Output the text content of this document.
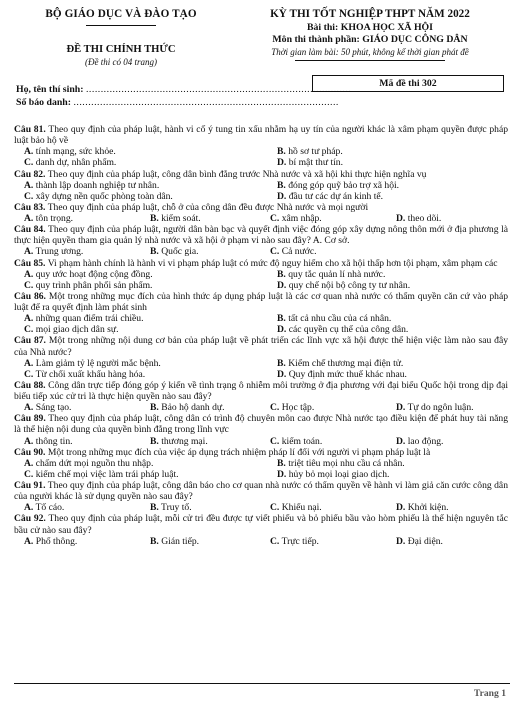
BỘ GIÁO DỤC VÀ ĐÀO TẠO
ĐỀ THI CHÍNH THỨC
(Đề thi có 04 trang)
KỲ THI TỐT NGHIỆP THPT NĂM 2022
Bài thi: KHOA HỌC XÃ HỘI
Môn thi thành phần: GIÁO DỤC CÔNG DÂN
Thời gian làm bài: 50 phút, không kể thời gian phát đề
Mã đề thi 302
Họ, tên thí sinh: ..........................................................................................
Số báo danh: ..........................................................................................
Câu 81. Theo quy định của pháp luật, hành vi cố ý tung tin xấu nhằm hạ uy tín của người khác là xâm phạm quyền được pháp luật bảo hộ về
A. tính mạng, sức khỏe.	B. hồ sơ tư pháp.
C. danh dự, nhân phẩm.	D. bí mật thư tín.
Câu 82. Theo quy định của pháp luật, công dân bình đẳng trước Nhà nước và xã hội khi thực hiện nghĩa vụ
A. thành lập doanh nghiệp tư nhân.	B. đóng góp quỹ bảo trợ xã hội.
C. xây dựng nền quốc phòng toàn dân.	D. đầu tư các dự án kinh tế.
Câu 83. Theo quy định của pháp luật, chỗ ở của công dân đều được Nhà nước và mọi người
A. tôn trọng.	B. kiểm soát.	C. xâm nhập.	D. theo dõi.
Câu 84. Theo quy định của pháp luật, người dân bàn bạc và quyết định việc đóng góp xây dựng nông thôn mới ở địa phương là thực hiện quyền tham gia quản lý nhà nước và xã hội ở phạm vi nào sau đây? A. Cơ sở.
A. Trung ương.	B. Quốc gia.	C. Cả nước.
Câu 85. Vi phạm hành chính là hành vi vi phạm pháp luật có mức độ nguy hiểm cho xã hội thấp hơn tội phạm, xâm phạm các
A. quy ước hoạt động cộng đồng.	B. quy tắc quản lí nhà nước.
C. quy trình phân phối sản phẩm.	D. quy chế nội bộ công ty tư nhân.
Câu 86. Một trong những mục đích của hình thức áp dụng pháp luật là các cơ quan nhà nước có thẩm quyền căn cứ vào pháp luật để ra quyết định làm phát sinh
A. những quan điểm trái chiều.	B. tất cả nhu cầu của cá nhân.
C. mọi giao dịch dân sự.	D. các quyền cụ thể của công dân.
Câu 87. Một trong những nội dung cơ bản của pháp luật về phát triển các lĩnh vực xã hội được thể hiện việc làm nào sau đây của Nhà nước?
A. Làm giảm tỷ lệ người mắc bệnh.	B. Kiểm chế thương mại điện tử.
C. Từ chối xuất khẩu hàng hóa.	D. Quy định mức thuế khác nhau.
Câu 88. Công dân trực tiếp đóng góp ý kiến về tình trạng ô nhiễm môi trường ở địa phương với đại biểu Quốc hội trong dịp đại biểu tiếp xúc cử tri là thực hiện quyền nào sau đây?
A. Sáng tạo.	B. Bảo hộ danh dự.	C. Học tập.	D. Tự do ngôn luận.
Câu 89. Theo quy định của pháp luật, công dân có trình độ chuyên môn cao được Nhà nước tạo điều kiện để phát huy tài năng là thể hiện nội dung của quyền bình đẳng trong lĩnh vực
A. thông tin.	B. thương mại.	C. kiểm toán.	D. lao động.
Câu 90. Một trong những mục đích của việc áp dụng trách nhiệm pháp lí đối với người vi phạm pháp luật là
A. chấm dứt mọi nguồn thu nhập.	B. triệt tiêu mọi nhu cầu cá nhân.
C. kiểm chế mọi việc làm trái pháp luật.	D. hủy bỏ mọi loại giao dịch.
Câu 91. Theo quy định của pháp luật, công dân báo cho cơ quan nhà nước có thẩm quyền về hành vi làm giả căn cước công dân của người khác là sử dụng quyền nào sau đây?
A. Tố cáo.	B. Truy tố.	C. Khiếu nại.	D. Khởi kiện.
Câu 92. Theo quy định của pháp luật, mỗi cử tri đều được tự viết phiếu và bỏ phiếu bầu vào hòm phiếu là thể hiện nguyên tắc bầu cử nào sau đây?
A. Phổ thông.	B. Gián tiếp.	C. Trực tiếp.	D. Đại diện.
Trang 1
